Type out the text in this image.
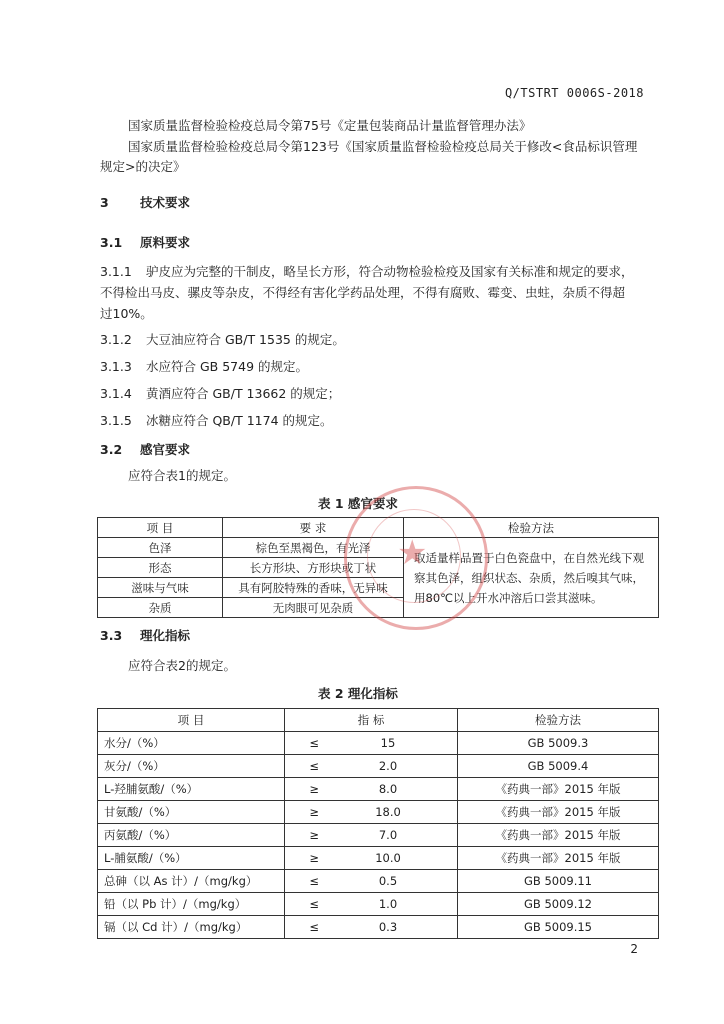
Q/TSTRT 0006S-2018
国家质量监督检验检疫总局令第75号《定量包装商品计量监督管理办法》
国家质量监督检验检疫总局令第123号《国家质量监督检验检疫总局关于修改<食品标识管理
规定>的决定》
3	技术要求
3.1 原料要求
3.1.1 驴皮应为完整的干制皮，略呈长方形，符合动物检验检疫及国家有关标准和规定的要求，
不得检出马皮、骡皮等杂皮，不得经有害化学药品处理，不得有腐败、霉变、虫蛀，杂质不得超
过10%。
3.1.2 大豆油应符合 GB/T 1535 的规定。
3.1.3 水应符合 GB 5749 的规定。
3.1.4 黄酒应符合 GB/T 13662 的规定；
3.1.5 冰糖应符合 QB/T 1174 的规定。
3.2 感官要求
应符合表1的规定。
表 1 感官要求
项 目	要 求	检验方法
色泽	棕色至黑褐色，有光泽	取适量样品置于白色瓷盘中，在自然光线下观察其色泽，组织状态、杂质，然后嗅其气味，用80℃以上开水冲溶后口尝其滋味。
形态	长方形块、方形块或丁状	
滋味与气味	具有阿胶特殊的香味，无异味	
杂质	无肉眼可见杂质	
★
3.3 理化指标
应符合表2的规定。
表 2 理化指标
项 目	指 标		检验方法
水分/（%）	≤	15	GB 5009.3
灰分/（%）	≤	2.0	GB 5009.4
L-羟脯氨酸/（%）	≥	8.0	《药典一部》2015 年版
甘氨酸/（%）	≥	18.0	《药典一部》2015 年版
丙氨酸/（%）	≥	7.0	《药典一部》2015 年版
L-脯氨酸/（%）	≥	10.0	《药典一部》2015 年版
总砷（以 As 计）/（mg/kg）	≤	0.5	GB 5009.11
铅（以 Pb 计）/（mg/kg）	≤	1.0	GB 5009.12
镉（以 Cd 计）/（mg/kg）	≤	0.3	GB 5009.15
2
